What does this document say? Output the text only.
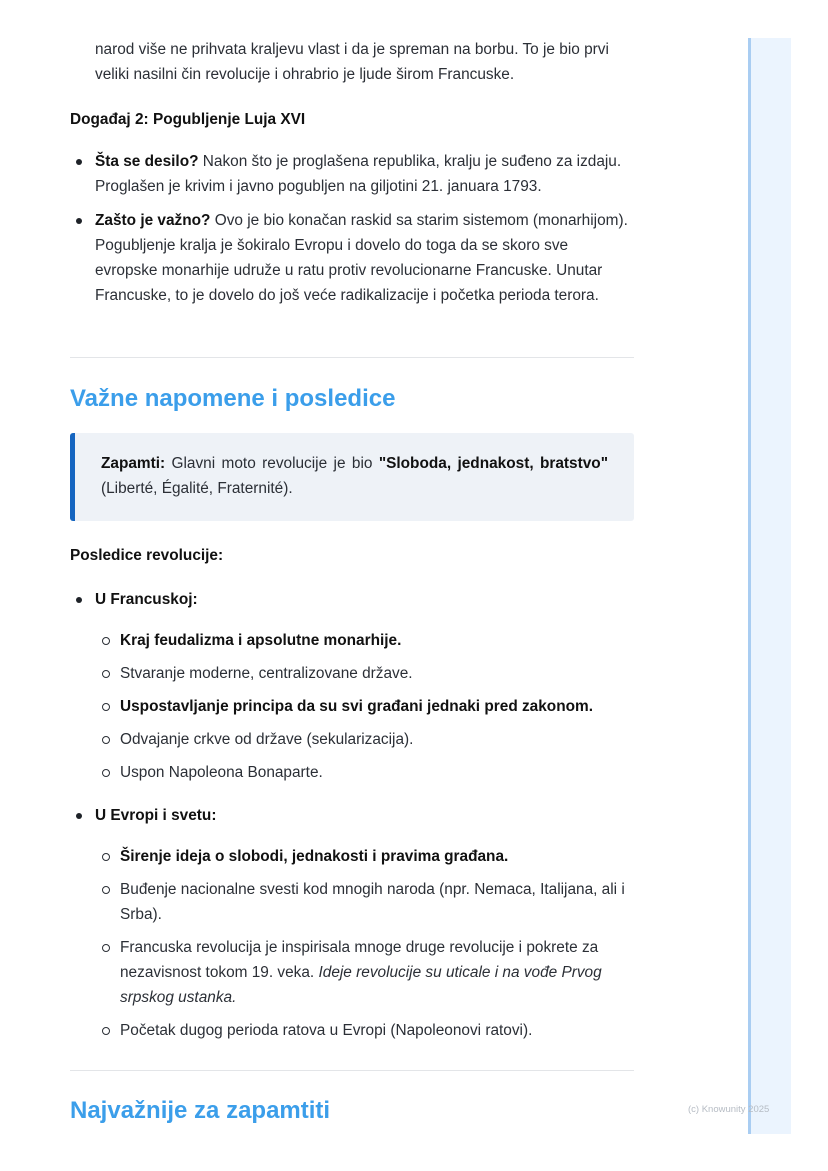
narod više ne prihvata kraljevu vlast i da je spreman na borbu. To je bio prvi veliki nasilni čin revolucije i ohrabrio je ljude širom Francuske.

Događaj 2: Pogubljenje Luja XVI

Šta se desilo? Nakon što je proglašena republika, kralju je suđeno za izdaju. Proglašen je krivim i javno pogubljen na giljotini 21. januara 1793.
Zašto je važno? Ovo je bio konačan raskid sa starim sistemom (monarhijom). Pogubljenje kralja je šokiralo Evropu i dovelo do toga da se skoro sve evropske monarhije udruže u ratu protiv revolucionarne Francuske. Unutar Francuske, to je dovelo do još veće radikalizacije i početka perioda terora.
Važne napomene i posledice
Zapamti: Glavni moto revolucije je bio "Sloboda, jednakost, bratstvo" (Liberté, Égalité, Fraternité).

Posledice revolucije:

U Francuskoj:
Kraj feudalizma i apsolutne monarhije.
Stvaranje moderne, centralizovane države.
Uspostavljanje principa da su svi građani jednaki pred zakonom.
Odvajanje crkve od države (sekularizacija).
Uspon Napoleona Bonaparte.
U Evropi i svetu:
Širenje ideja o slobodi, jednakosti i pravima građana.
Buđenje nacionalne svesti kod mnogih naroda (npr. Nemaca, Italijana, ali i Srba).
Francuska revolucija je inspirisala mnoge druge revolucije i pokrete za nezavisnost tokom 19. veka. Ideje revolucije su uticale i na vođe Prvog srpskog ustanka.
Početak dugog perioda ratova u Evropi (Napoleonovi ratovi).
Najvažnije za zapamtiti	(c) Knowunity 2025
